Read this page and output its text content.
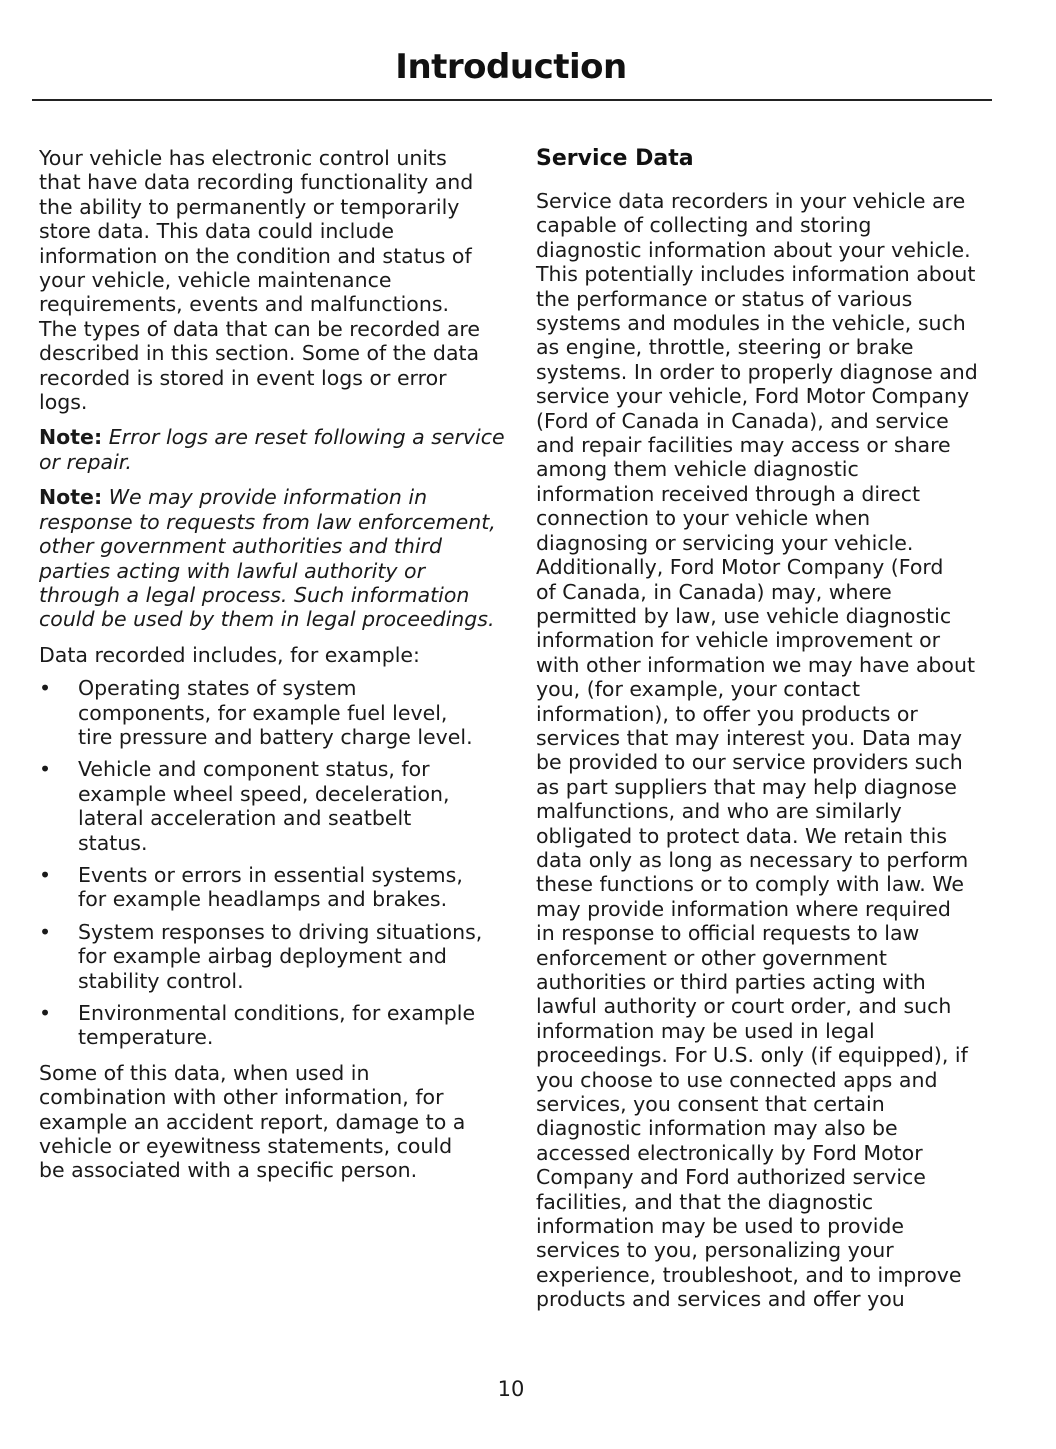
Introduction
Your vehicle has electronic control units
that have data recording functionality and
the ability to permanently or temporarily
store data. This data could include
information on the condition and status of
your vehicle, vehicle maintenance
requirements, events and malfunctions.
The types of data that can be recorded are
described in this section. Some of the data
recorded is stored in event logs or error
logs.
Note: Error logs are reset following a service
or repair.
Note: We may provide information in
response to requests from law enforcement,
other government authorities and third
parties acting with lawful authority or
through a legal process. Such information
could be used by them in legal proceedings.
Data recorded includes, for example:
• Operating states of system
components, for example fuel level,
tire pressure and battery charge level.
• Vehicle and component status, for
example wheel speed, deceleration,
lateral acceleration and seatbelt
status.
• Events or errors in essential systems,
for example headlamps and brakes.
• System responses to driving situations,
for example airbag deployment and
stability control.
• Environmental conditions, for example
temperature.
Some of this data, when used in
combination with other information, for
example an accident report, damage to a
vehicle or eyewitness statements, could
be associated with a specific person.
Service Data
Service data recorders in your vehicle are
capable of collecting and storing
diagnostic information about your vehicle.
This potentially includes information about
the performance or status of various
systems and modules in the vehicle, such
as engine, throttle, steering or brake
systems. In order to properly diagnose and
service your vehicle, Ford Motor Company
(Ford of Canada in Canada), and service
and repair facilities may access or share
among them vehicle diagnostic
information received through a direct
connection to your vehicle when
diagnosing or servicing your vehicle.
Additionally, Ford Motor Company (Ford
of Canada, in Canada) may, where
permitted by law, use vehicle diagnostic
information for vehicle improvement or
with other information we may have about
you, (for example, your contact
information), to offer you products or
services that may interest you. Data may
be provided to our service providers such
as part suppliers that may help diagnose
malfunctions, and who are similarly
obligated to protect data. We retain this
data only as long as necessary to perform
these functions or to comply with law. We
may provide information where required
in response to official requests to law
enforcement or other government
authorities or third parties acting with
lawful authority or court order, and such
information may be used in legal
proceedings. For U.S. only (if equipped), if
you choose to use connected apps and
services, you consent that certain
diagnostic information may also be
accessed electronically by Ford Motor
Company and Ford authorized service
facilities, and that the diagnostic
information may be used to provide
services to you, personalizing your
experience, troubleshoot, and to improve
products and services and offer you
10
